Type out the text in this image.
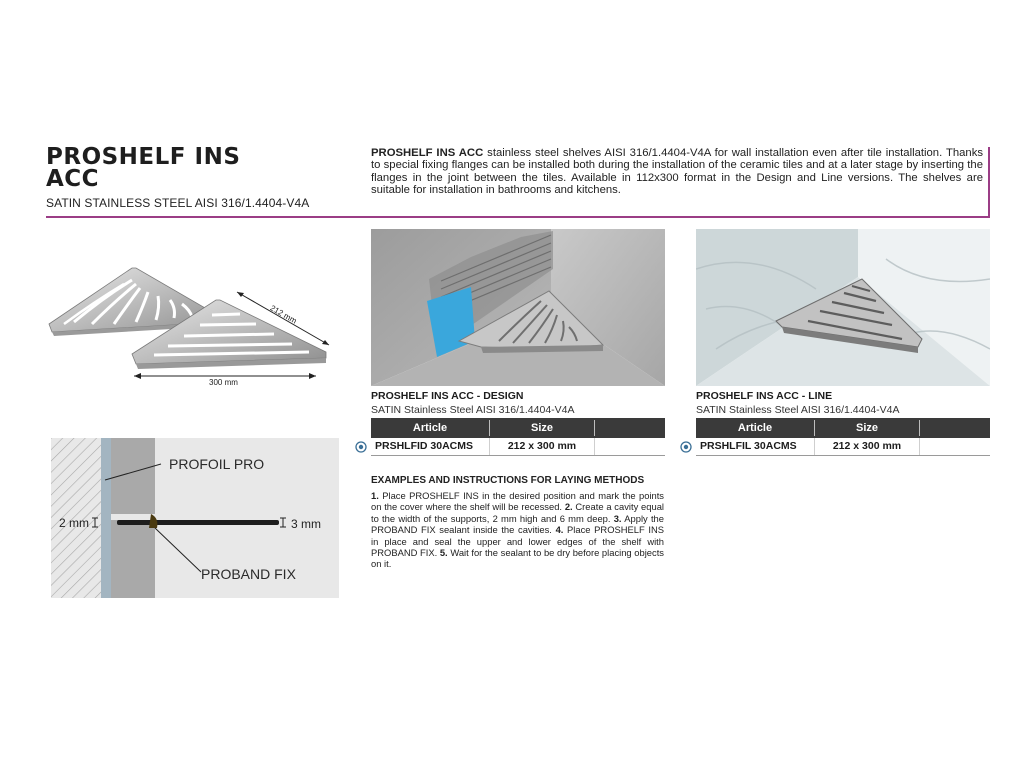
PROSHELF INS
ACC
SATIN STAINLESS STEEL AISI 316/1.4404-V4A
PROSHELF INS ACC stainless steel shelves AISI 316/1.4404-V4A for wall installation even after tile installation. Thanks to special fixing flanges can be installed both during the installation of the ceramic tiles and at a later stage by inserting the flanges in the joint between the tiles. Available in 112x300 format in the Design and Line versions. The shelves are suitable for installation in bathrooms and kitchens.
212 mm
300 mm
PROFOIL PRO
PROBAND FIX
2 mm	3 mm
PROSHELF INS ACC - DESIGN
SATIN Stainless Steel AISI 316/1.4404-V4A
PROSHELF INS ACC - LINE
SATIN Stainless Steel AISI 316/1.4404-V4A
Article	Size
PRSHLFID 30ACMS	212 x 300 mm
Article	Size
PRSHLFIL 30ACMS	212 x 300 mm
EXAMPLES AND INSTRUCTIONS FOR LAYING METHODS
1. Place PROSHELF INS in the desired position and mark the points on the cover where the shelf will be recessed. 2. Create a cavity equal to the width of the supports, 2 mm high and 6 mm deep. 3. Apply the PROBAND FIX sealant inside the cavities. 4. Place PROSHELF INS in place and seal the upper and lower edges of the shelf with PROBAND FIX. 5. Wait for the sealant to be dry before placing objects on it.
